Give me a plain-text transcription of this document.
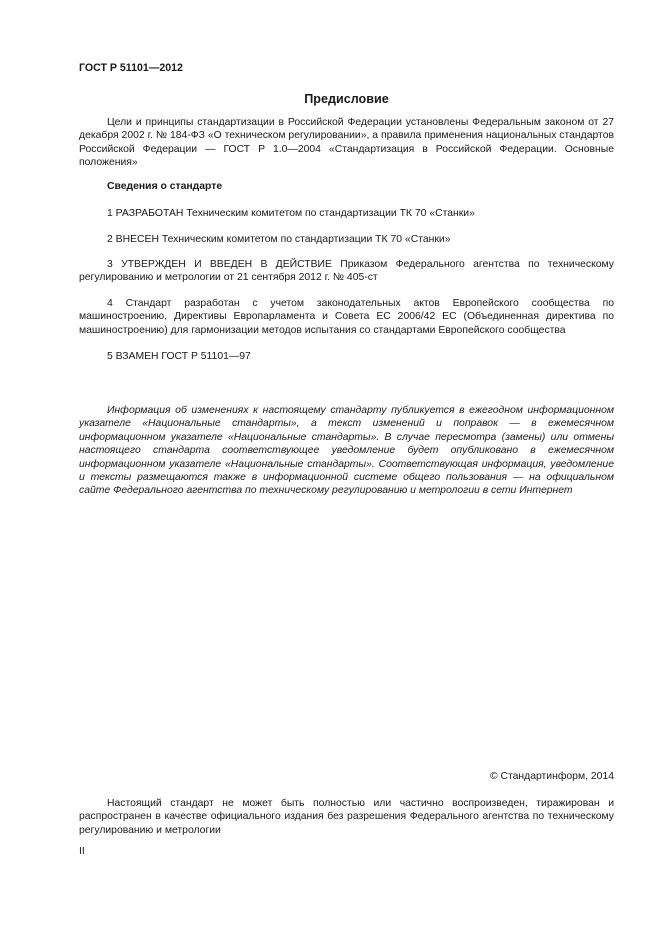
ГОСТ Р 51101—2012
Предисловие

Цели и принципы стандартизации в Российской Федерации установлены Федеральным законом от 27 декабря 2002 г. № 184-ФЗ «О техническом регулировании», а правила применения национальных стандартов Российской Федерации — ГОСТ Р 1.0—2004 «Стандартизация в Российской Федерации. Основные положения»

Сведения о стандарте

1 РАЗРАБОТАН Техническим комитетом по стандартизации ТК 70 «Станки»

2 ВНЕСЕН Техническим комитетом по стандартизации ТК 70 «Станки»

3 УТВЕРЖДЕН И ВВЕДЕН В ДЕЙСТВИЕ Приказом Федерального агентства по техническому регулированию и метрологии от 21 сентября 2012 г. № 405-ст

4 Стандарт разработан с учетом законодательных актов Европейского сообщества по машиностроению, Директивы Европарламента и Совета ЕС 2006/42 ЕС (Объединенная директива по машиностроению) для гармонизации методов испытания со стандартами Европейского сообщества

5 ВЗАМЕН ГОСТ Р 51101—97

Информация об изменениях к настоящему стандарту публикуется в ежегодном информационном указателе «Национальные стандарты», а текст изменений и поправок — в ежемесячном информационном указателе «Национальные стандарты». В случае пересмотра (замены) или отмены настоящего стандарта соответствующее уведомление будет опубликовано в ежемесячном информационном указателе «Национальные стандарты». Соответствующая информация, уведомление и тексты размещаются также в информационной системе общего пользования — на официальном сайте Федерального агентства по техническому регулированию и метрологии в сети Интернет

© Стандартинформ, 2014

Настоящий стандарт не может быть полностью или частично воспроизведен, тиражирован и распространен в качестве официального издания без разрешения Федерального агентства по техническому регулированию и метрологии

II
